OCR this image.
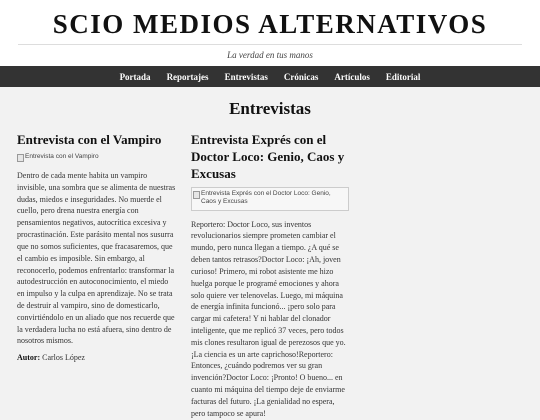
SCIO MEDIOS ALTERNATIVOS
La verdad en tus manos
Portada Reportajes Entrevistas Crónicas Artículos Editorial
Entrevistas
Entrevista con el Vampiro
Entrevista con el Vampiro

Dentro de cada mente habita un vampiro invisible, una sombra que se alimenta de nuestras dudas, miedos e inseguridades. No muerde el cuello, pero drena nuestra energía con pensamientos negativos, autocrítica excesiva y procrastinación. Este parásito mental nos susurra que no somos suficientes, que fracasaremos, que el cambio es imposible. Sin embargo, al reconocerlo, podemos enfrentarlo: transformar la autodestrucción en autoconocimiento, el miedo en impulso y la culpa en aprendizaje. No se trata de destruir al vampiro, sino de domesticarlo, convirtiéndolo en un aliado que nos recuerde que la verdadera lucha no está afuera, sino dentro de nosotros mismos.

Autor: Carlos López
Entrevista Exprés con el Doctor Loco: Genio, Caos y Excusas
Entrevista Exprés con el Doctor Loco: Genio, Caos y Excusas

Reportero: Doctor Loco, sus inventos revolucionarios siempre prometen cambiar el mundo, pero nunca llegan a tiempo. ¿A qué se deben tantos retrasos?Doctor Loco: ¡Ah, joven curioso! Primero, mi robot asistente me hizo huelga porque le programé emociones y ahora solo quiere ver telenovelas. Luego, mi máquina de energía infinita funcionó... ¡pero solo para cargar mi cafetera! Y ni hablar del clonador inteligente, que me replicó 37 veces, pero todos mis clones resultaron igual de perezosos que yo. ¡La ciencia es un arte caprichoso!Reportero: Entonces, ¿cuándo podremos ver su gran invención?Doctor Loco: ¡Pronto! O bueno... en cuanto mi máquina del tiempo deje de enviarme facturas del futuro. ¡La genialidad no espera, pero tampoco se apura!
